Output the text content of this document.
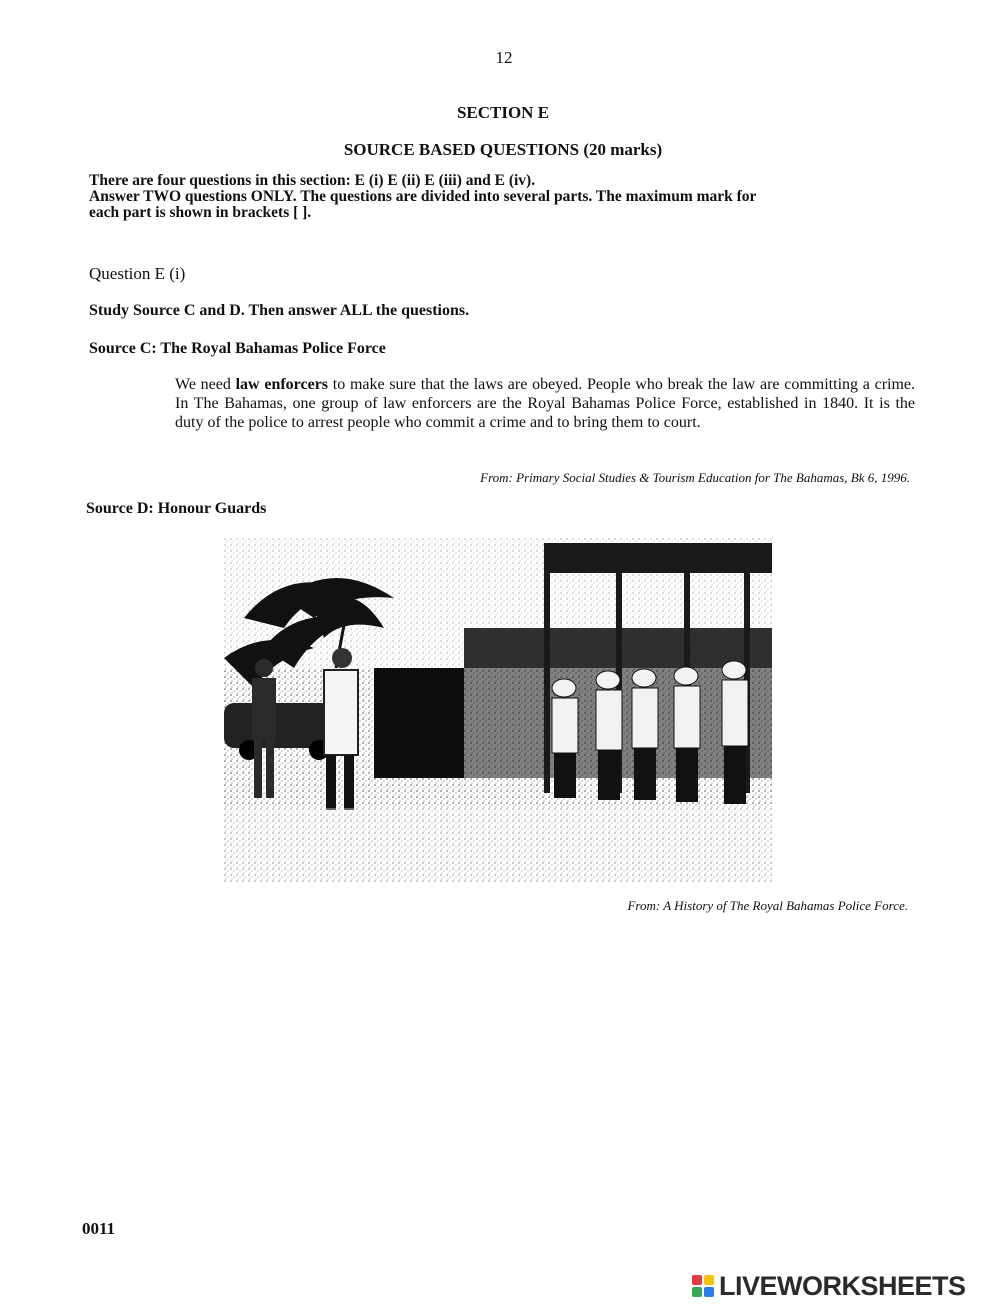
12
SECTION E
SOURCE BASED QUESTIONS (20 marks)
There are four questions in this section: E (i) E (ii) E (iii) and E (iv).
Answer TWO questions ONLY. The questions are divided into several parts. The maximum mark for
each part is shown in brackets [ ].
Question E (i)
Study Source C and D. Then answer ALL the questions.
Source C: The Royal Bahamas Police Force
We need law enforcers to make sure that the laws are obeyed. People who break the law are committing a crime. In The Bahamas, one group of law enforcers are the Royal Bahamas Police Force, established in 1840. It is the duty of the police to arrest people who commit a crime and to bring them to court.
From: Primary Social Studies & Tourism Education for The Bahamas, Bk 6, 1996.
Source D: Honour Guards
From: A History of The Royal Bahamas Police Force.
0011
LIVEWORKSHEETS
